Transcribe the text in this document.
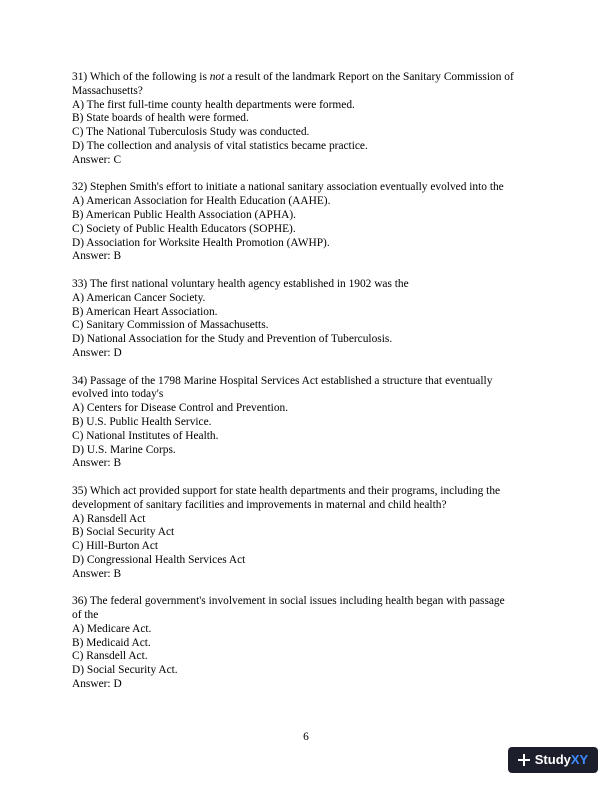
31) Which of the following is not a result of the landmark Report on the Sanitary Commission of
Massachusetts?
A) The first full-time county health departments were formed.
B) State boards of health were formed.
C) The National Tuberculosis Study was conducted.
D) The collection and analysis of vital statistics became practice.
Answer: C
32) Stephen Smith's effort to initiate a national sanitary association eventually evolved into the
A) American Association for Health Education (AAHE).
B) American Public Health Association (APHA).
C) Society of Public Health Educators (SOPHE).
D) Association for Worksite Health Promotion (AWHP).
Answer: B
33) The first national voluntary health agency established in 1902 was the
A) American Cancer Society.
B) American Heart Association.
C) Sanitary Commission of Massachusetts.
D) National Association for the Study and Prevention of Tuberculosis.
Answer: D
34) Passage of the 1798 Marine Hospital Services Act established a structure that eventually
evolved into today's
A) Centers for Disease Control and Prevention.
B) U.S. Public Health Service.
C) National Institutes of Health.
D) U.S. Marine Corps.
Answer: B
35) Which act provided support for state health departments and their programs, including the
development of sanitary facilities and improvements in maternal and child health?
A) Ransdell Act
B) Social Security Act
C) Hill-Burton Act
D) Congressional Health Services Act
Answer: B
36) The federal government's involvement in social issues including health began with passage
of the
A) Medicare Act.
B) Medicaid Act.
C) Ransdell Act.
D) Social Security Act.
Answer: D
6
StudyXY
